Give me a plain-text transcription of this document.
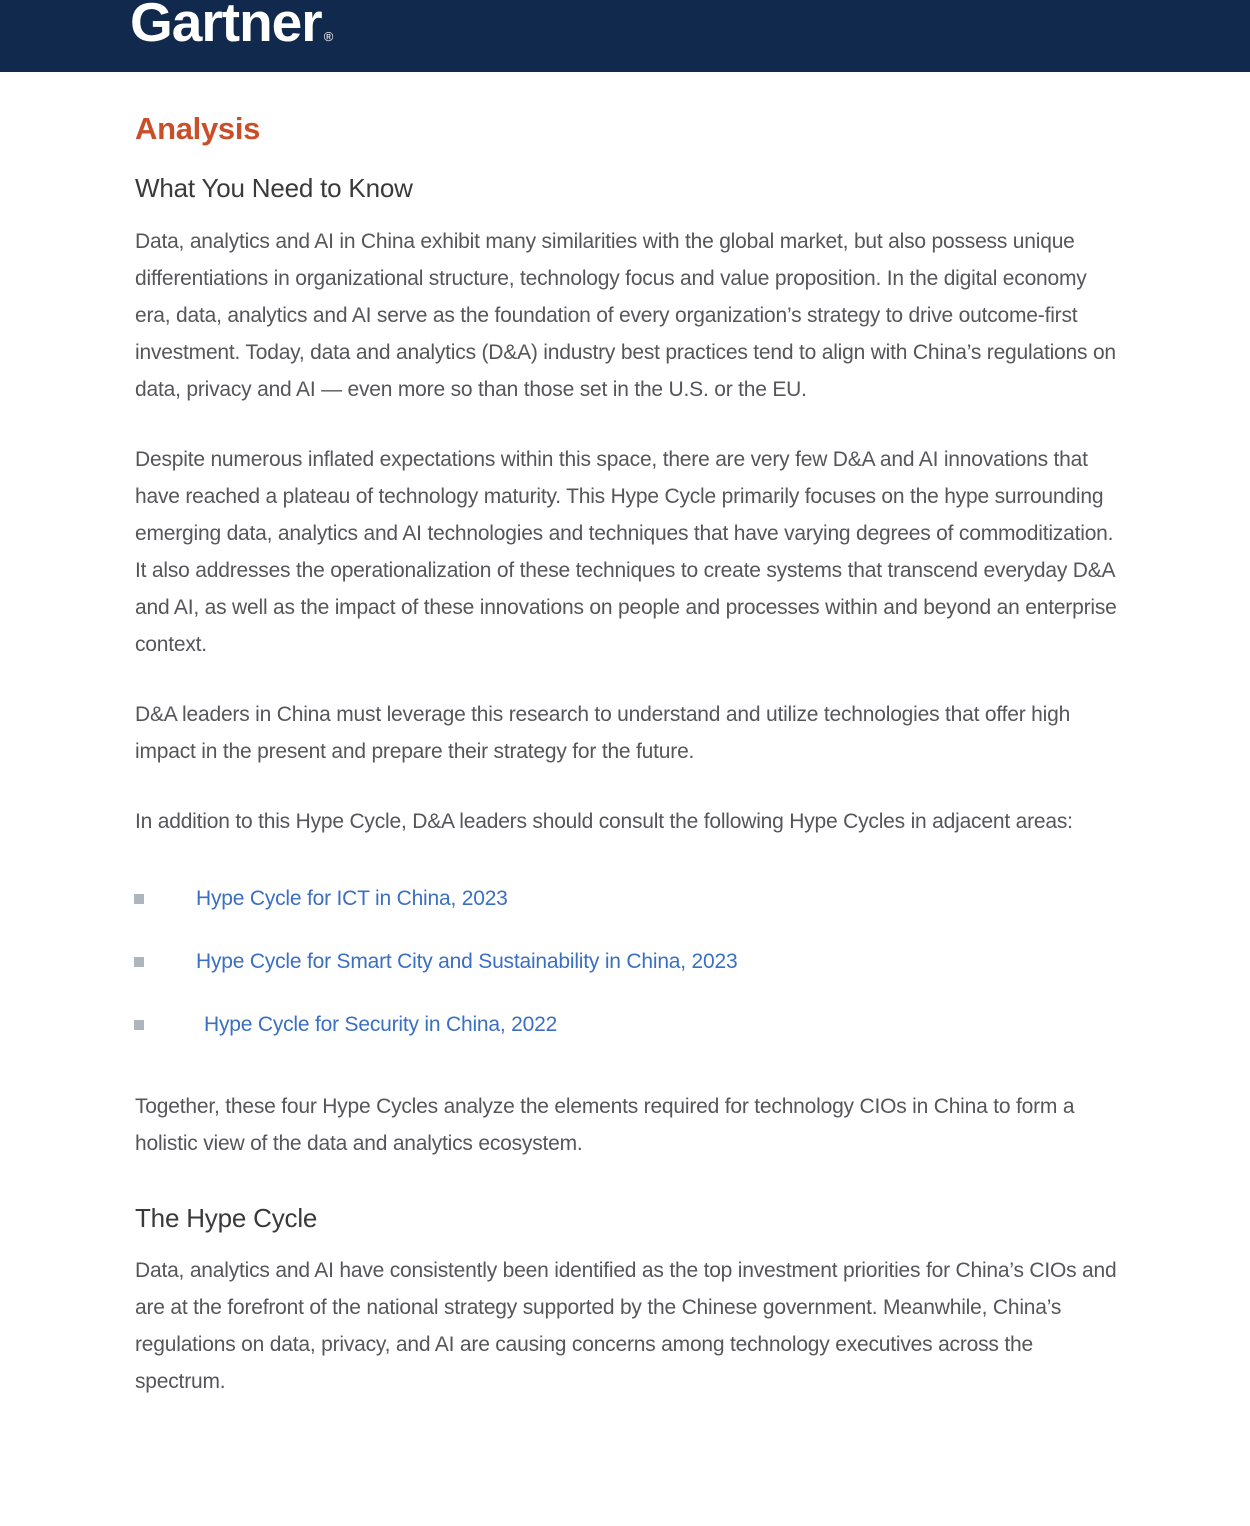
Gartner ®
Analysis
What You Need to Know

Data, analytics and AI in China exhibit many similarities with the global market, but also possess unique differentiations in organizational structure, technology focus and value proposition. In the digital economy era, data, analytics and AI serve as the foundation of every organization’s strategy to drive outcome-first investment. Today, data and analytics (D&A) industry best practices tend to align with China’s regulations on data, privacy and AI — even more so than those set in the U.S. or the EU.

Despite numerous inflated expectations within this space, there are very few D&A and AI innovations that have reached a plateau of technology maturity. This Hype Cycle primarily focuses on the hype surrounding emerging data, analytics and AI technologies and techniques that have varying degrees of commoditization. It also addresses the operationalization of these techniques to create systems that transcend everyday D&A and AI, as well as the impact of these innovations on people and processes within and beyond an enterprise context.

D&A leaders in China must leverage this research to understand and utilize technologies that offer high impact in the present and prepare their strategy for the future.

In addition to this Hype Cycle, D&A leaders should consult the following Hype Cycles in adjacent areas:

Hype Cycle for ICT in China, 2023
Hype Cycle for Smart City and Sustainability in China, 2023
Hype Cycle for Security in China, 2022

Together, these four Hype Cycles analyze the elements required for technology CIOs in China to form a holistic view of the data and analytics ecosystem.

The Hype Cycle

Data, analytics and AI have consistently been identified as the top investment priorities for China’s CIOs and are at the forefront of the national strategy supported by the Chinese government. Meanwhile, China’s regulations on data, privacy, and AI are causing concerns among technology executives across the spectrum.
